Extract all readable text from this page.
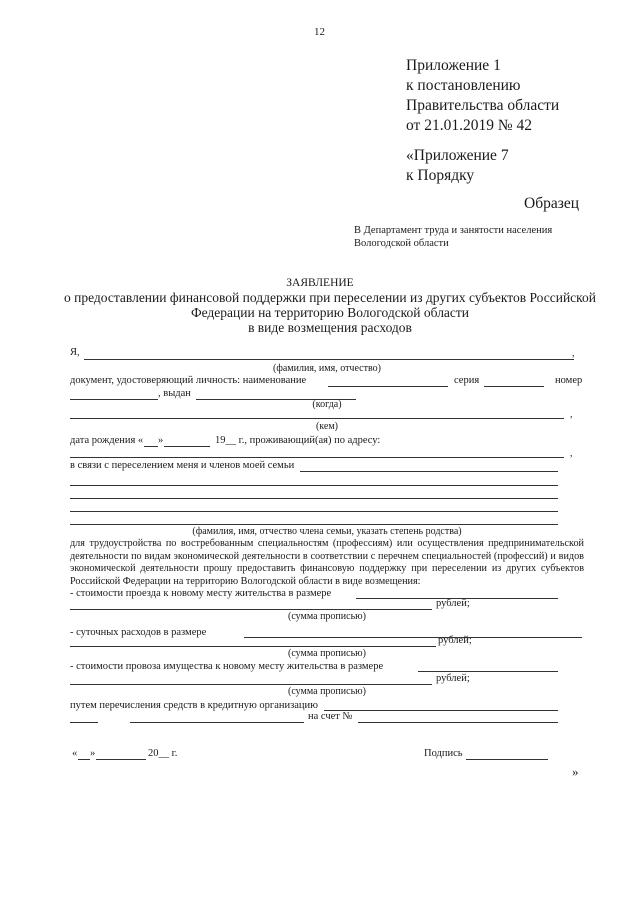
12
Приложение 1
к постановлению
Правительства области
от 21.01.2019 № 42
«Приложение 7
к Порядку
Образец
В Департамент труда и занятости населения
Вологодской области
ЗАЯВЛЕНИЕ
о предоставлении финансовой поддержки при переселении из других субъектов Российской
Федерации на территорию Вологодской области
в виде возмещения расходов
Я,	,
(фамилия, имя, отчество)
документ, удостоверяющий личность: наименование	серия	номер
, выдан
(когда)
,
(кем)
дата рождения « »	19__ г., проживающий(ая) по адресу:
,
в связи с переселением меня и членов моей семьи
(фамилия, имя, отчество члена семьи, указать степень родства)
для трудоустройства по востребованным специальностям (профессиям) или осуществления предпринимательской деятельности по видам экономической деятельности в соответствии с перечнем специальностей (профессий) и видов экономической деятельности прошу предоставить финансовую поддержку при переселении из других субъектов Российской Федерации на территорию Вологодской области в виде возмещения:
- стоимости проезда к новому месту жительства в размере
рублей;
(сумма прописью)
- суточных расходов в размере
рублей;
(сумма прописью)
- стоимости провоза имущества к новому месту жительства в размере
рублей;
(сумма прописью)
путем перечисления средств в кредитную организацию
на счет №
« »	20__ г.	Подпись
»
